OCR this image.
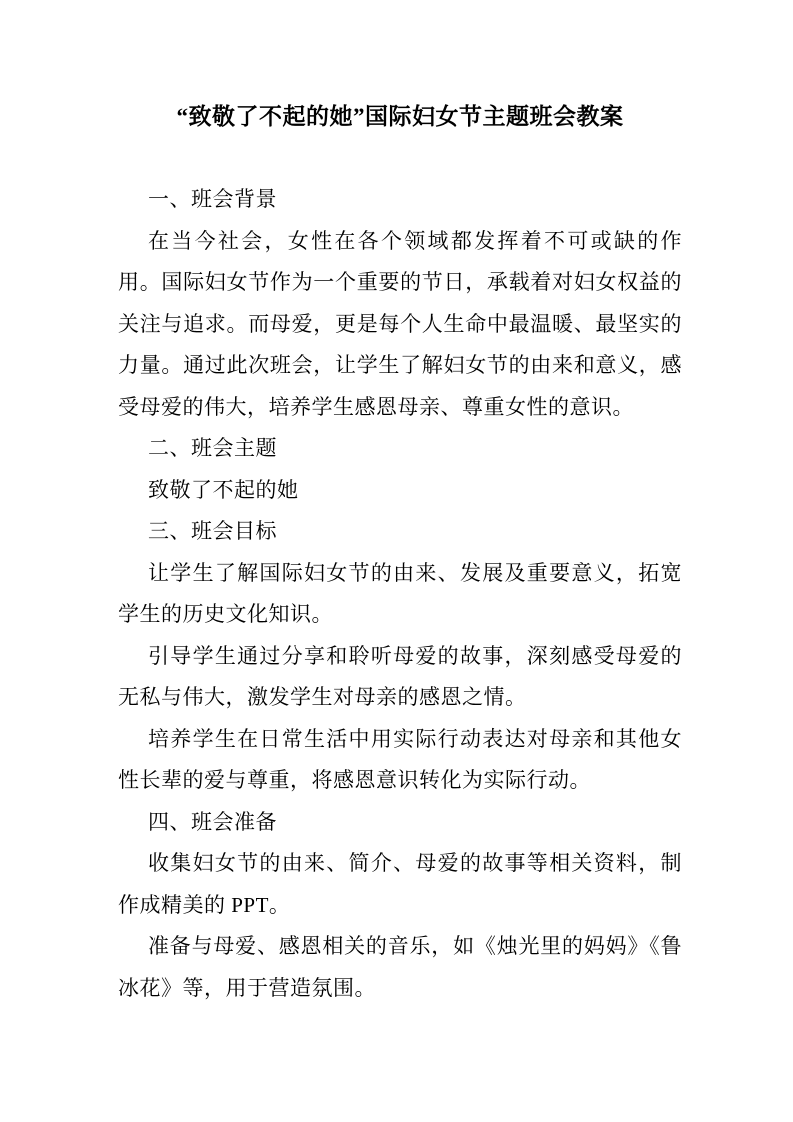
“致敬了不起的她”国际妇女节主题班会教案

一、班会背景

在当今社会，女性在各个领域都发挥着不可或缺的作用。国际妇女节作为一个重要的节日，承载着对妇女权益的关注与追求。而母爱，更是每个人生命中最温暖、最坚实的力量。通过此次班会，让学生了解妇女节的由来和意义，感受母爱的伟大，培养学生感恩母亲、尊重女性的意识。

二、班会主题

致敬了不起的她

三、班会目标

让学生了解国际妇女节的由来、发展及重要意义，拓宽学生的历史文化知识。

引导学生通过分享和聆听母爱的故事，深刻感受母爱的无私与伟大，激发学生对母亲的感恩之情。

培养学生在日常生活中用实际行动表达对母亲和其他女性长辈的爱与尊重，将感恩意识转化为实际行动。

四、班会准备

收集妇女节的由来、简介、母爱的故事等相关资料，制作成精美的 PPT。

准备与母爱、感恩相关的音乐，如《烛光里的妈妈》《鲁冰花》等，用于营造氛围。
